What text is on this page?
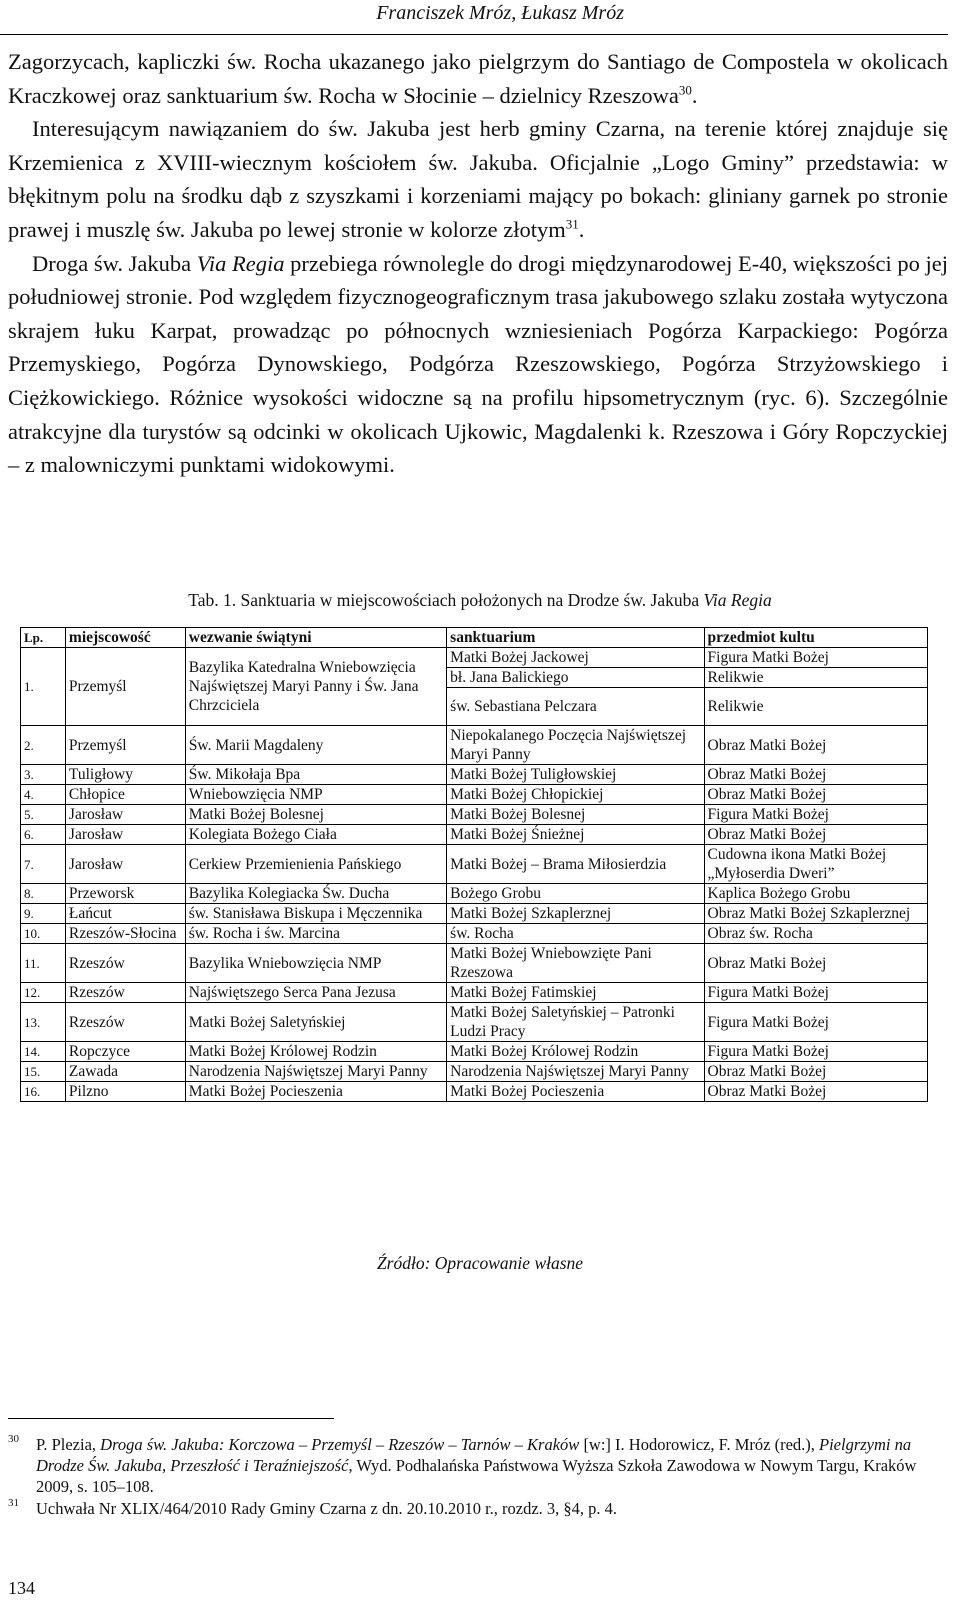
Franciszek Mróz, Łukasz Mróz

Zagorzycach, kapliczki św. Rocha ukazanego jako pielgrzym do Santiago de Compostela w okolicach Kraczkowej oraz sanktuarium św. Rocha w Słocinie – dzielnicy Rzeszowa$^{30}$.

Interesującym nawiązaniem do św. Jakuba jest herb gminy Czarna, na terenie której znajduje się Krzemienica z XVIII-wiecznym kościołem św. Jakuba. Oficjalnie „Logo Gminy” przedstawia: w błękitnym polu na środku dąb z szyszkami i korzeniami mający po bokach: gliniany garnek po stronie prawej i muszlę św. Jakuba po lewej stronie w kolorze złotym$^{31}$.

Droga św. Jakuba Via Regia przebiega równolegle do drogi międzynarodowej E-40, większości po jej południowej stronie. Pod względem fizycznogeograficznym trasa jakubowego szlaku została wytyczona skrajem łuku Karpat, prowadząc po północnych wzniesieniach Pogórza Karpackiego: Pogórza Przemyskiego, Pogórza Dynowskiego, Podgórza Rzeszowskiego, Pogórza Strzyżowskiego i Ciężkowickiego. Różnice wysokości widoczne są na profilu hipsometrycznym (ryc. 6). Szczególnie atrakcyjne dla turystów są odcinki w okolicach Ujkowic, Magdalenki k. Rzeszowa i Góry Ropczyckiej – z malowniczymi punktami widokowymi.

Tab. 1. Sanktuaria w miejscowościach położonych na Drodze św. Jakuba Via Regia
Lp.	miejscowość	wezwanie świątyni	sanktuarium	przedmiot kultu
1.	Przemyśl	Bazylika Katedralna Wniebowzięcia Najświętszej Maryi Panny i Św. Jana Chrzciciela	Matki Bożej Jackowej	Figura Matki Bożej
			bł. Jana Balickiego	Relikwie
			św. Sebastiana Pelczara	Relikwie
2.	Przemyśl	Św. Marii Magdaleny	Niepokalanego Poczęcia Najświętszej Maryi Panny	Obraz Matki Bożej
3.	Tuligłowy	Św. Mikołaja Bpa	Matki Bożej Tuligłowskiej	Obraz Matki Bożej
4.	Chłopice	Wniebowzięcia NMP	Matki Bożej Chłopickiej	Obraz Matki Bożej
5.	Jarosław	Matki Bożej Bolesnej	Matki Bożej Bolesnej	Figura Matki Bożej
6.	Jarosław	Kolegiata Bożego Ciała	Matki Bożej Śnieżnej	Obraz Matki Bożej
7.	Jarosław	Cerkiew Przemienienia Pańskiego	Matki Bożej – Brama Miłosierdzia	Cudowna ikona Matki Bożej „Myłoserdia Dweri”
8.	Przeworsk	Bazylika Kolegiacka Św. Ducha	Bożego Grobu	Kaplica Bożego Grobu
9.	Łańcut	św. Stanisława Biskupa i Męczennika	Matki Bożej Szkaplerznej	Obraz Matki Bożej Szkaplerznej
10.	Rzeszów-Słocina	św. Rocha i św. Marcina	św. Rocha	Obraz św. Rocha
11.	Rzeszów	Bazylika Wniebowzięcia NMP	Matki Bożej Wniebowzięte Pani Rzeszowa	Obraz Matki Bożej
12.	Rzeszów	Najświętszego Serca Pana Jezusa	Matki Bożej Fatimskiej	Figura Matki Bożej
13.	Rzeszów	Matki Bożej Saletyńskiej	Matki Bożej Saletyńskiej – Patronki Ludzi Pracy	Figura Matki Bożej
14.	Ropczyce	Matki Bożej Królowej Rodzin	Matki Bożej Królowej Rodzin	Figura Matki Bożej
15.	Zawada	Narodzenia Najświętszej Maryi Panny	Narodzenia Najświętszej Maryi Panny	Obraz Matki Bożej
16.	Pilzno	Matki Bożej Pocieszenia	Matki Bożej Pocieszenia	Obraz Matki Bożej
Źródło: Opracowanie własne
30 P. Plezia, Droga św. Jakuba: Korczowa – Przemyśl – Rzeszów – Tarnów – Kraków [w:] I. Hodorowicz, F. Mróz (red.), Pielgrzymi na Drodze Św. Jakuba, Przeszłość i Teraźniejszość, Wyd. Podhalańska Państwowa Wyższa Szkoła Zawodowa w Nowym Targu, Kraków 2009, s. 105–108.
31 Uchwała Nr XLIX/464/2010 Rady Gminy Czarna z dn. 20.10.2010 r., rozdz. 3, §4, p. 4.
134
